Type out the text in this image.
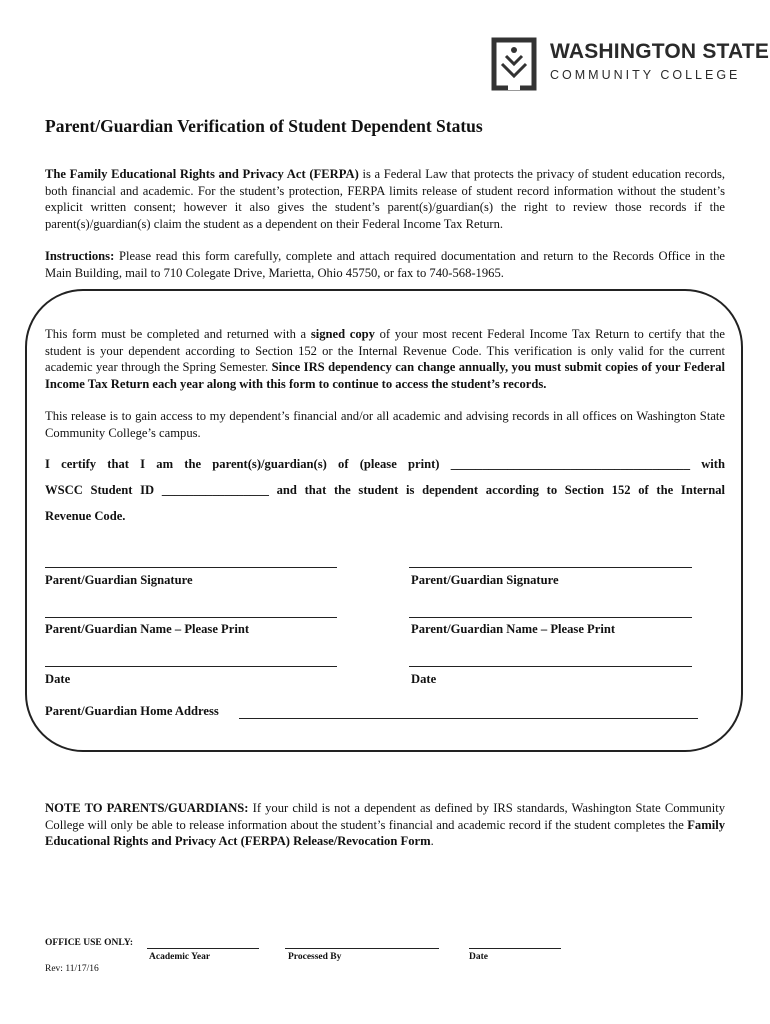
WASHINGTON STATE
COMMUNITY COLLEGE
Parent/Guardian Verification of Student Dependent Status
The Family Educational Rights and Privacy Act (FERPA) is a Federal Law that protects the privacy of student education records, both financial and academic. For the student’s protection, FERPA limits release of student record information without the student’s explicit written consent; however it also gives the student’s parent(s)/guardian(s) the right to review those records if the parent(s)/guardian(s) claim the student as a dependent on their Federal Income Tax Return.
Instructions: Please read this form carefully, complete and attach required documentation and return to the Records Office in the Main Building, mail to 710 Colegate Drive, Marietta, Ohio 45750, or fax to 740-568-1965.
This form must be completed and returned with a signed copy of your most recent Federal Income Tax Return to certify that the student is your dependent according to Section 152 or the Internal Revenue Code. This verification is only valid for the current academic year through the Spring Semester. Since IRS dependency can change annually, you must submit copies of your Federal Income Tax Return each year along with this form to continue to access the student’s records.
This release is to gain access to my dependent’s financial and/or all academic and advising records in all offices on Washington State Community College’s campus.
I certify that I am the parent(s)/guardian(s) of (please print) ______________________________________ with
WSCC Student ID _________________ and that the student is dependent according to Section 152 of the Internal
Revenue Code.
Parent/Guardian Signature	Parent/Guardian Signature
Parent/Guardian Name – Please Print	Parent/Guardian Name – Please Print
Date	Date
Parent/Guardian Home Address
NOTE TO PARENTS/GUARDIANS: If your child is not a dependent as defined by IRS standards, Washington State Community College will only be able to release information about the student’s financial and academic record if the student completes the Family Educational Rights and Privacy Act (FERPA) Release/Revocation Form.
OFFICE USE ONLY:
Academic Year	Processed By	Date
Rev: 11/17/16
